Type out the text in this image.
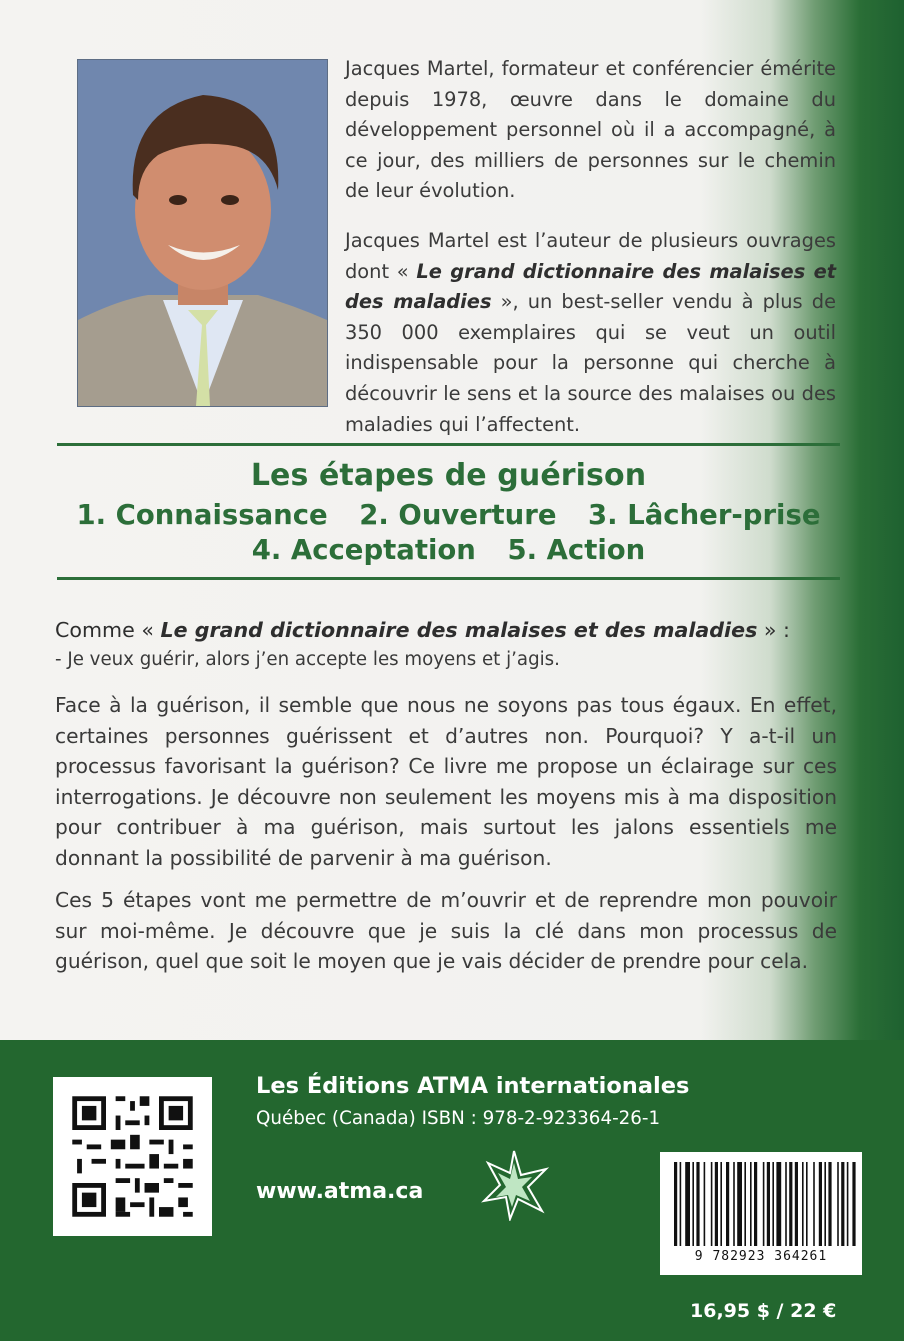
Jacques Martel, formateur et conférencier émérite depuis 1978, œuvre dans le domaine du développement personnel où il a accompagné, à ce jour, des milliers de personnes sur le chemin de leur évolution.

Jacques Martel est l’auteur de plusieurs ouvrages dont « Le grand dictionnaire des malaises et des maladies », un best-seller vendu à plus de 350 000 exemplaires qui se veut un outil indispensable pour la personne qui cherche à découvrir le sens et la source des malaises ou des maladies qui l’affectent.

Les étapes de guérison
1. Connaissance 2. Ouverture 3. Lâcher-prise
4. Acceptation 5. Action
Comme « Le grand dictionnaire des malaises et des maladies » :
- Je veux guérir, alors j’en accepte les moyens et j’agis.
Face à la guérison, il semble que nous ne soyons pas tous égaux. En effet, certaines personnes guérissent et d’autres non. Pourquoi? Y a-t-il un processus favorisant la guérison? Ce livre me propose un éclairage sur ces interrogations. Je découvre non seulement les moyens mis à ma disposition pour contribuer à ma guérison, mais surtout les jalons essentiels me donnant la possibilité de parvenir à ma guérison.
Ces 5 étapes vont me permettre de m’ouvrir et de reprendre mon pouvoir sur moi-même. Je découvre que je suis la clé dans mon processus de guérison, quel que soit le moyen que je vais décider de prendre pour cela.
Les Éditions ATMA internationales
Québec (Canada) ISBN : 978-2-923364-26-1
www.atma.ca
9 782923 364261
16,95 $ / 22 €
